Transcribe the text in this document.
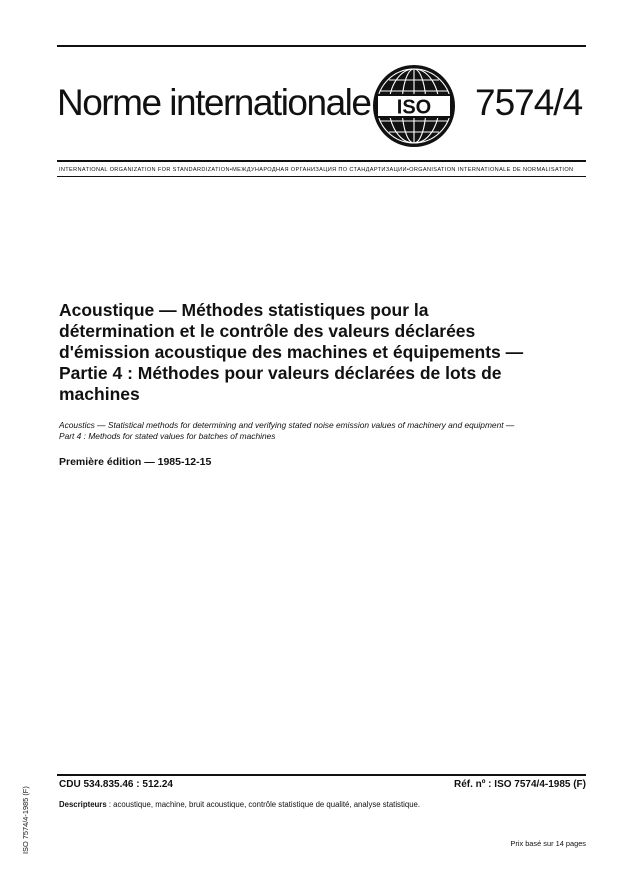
Norme internationale ISO 7574/4
INTERNATIONAL ORGANIZATION FOR STANDARDIZATION•МЕЖДУНАРОДНАЯ ОРГАНИЗАЦИЯ ПО СТАНДАРТИЗАЦИИ•ORGANISATION INTERNATIONALE DE NORMALISATION
Acoustique — Méthodes statistiques pour la
détermination et le contrôle des valeurs déclarées
d'émission acoustique des machines et équipements —
Partie 4 : Méthodes pour valeurs déclarées de lots de
machines
Acoustics — Statistical methods for determining and verifying stated noise emission values of machinery and equipment —
Part 4 : Methods for stated values for batches of machines
Première édition — 1985-12-15
CDU 534.835.46 : 512.24	Réf. nº : ISO 7574/4-1985 (F)
Descripteurs : acoustique, machine, bruit acoustique, contrôle statistique de qualité, analyse statistique.
Prix basé sur 14 pages
ISO 7574/4-1985 (F)
